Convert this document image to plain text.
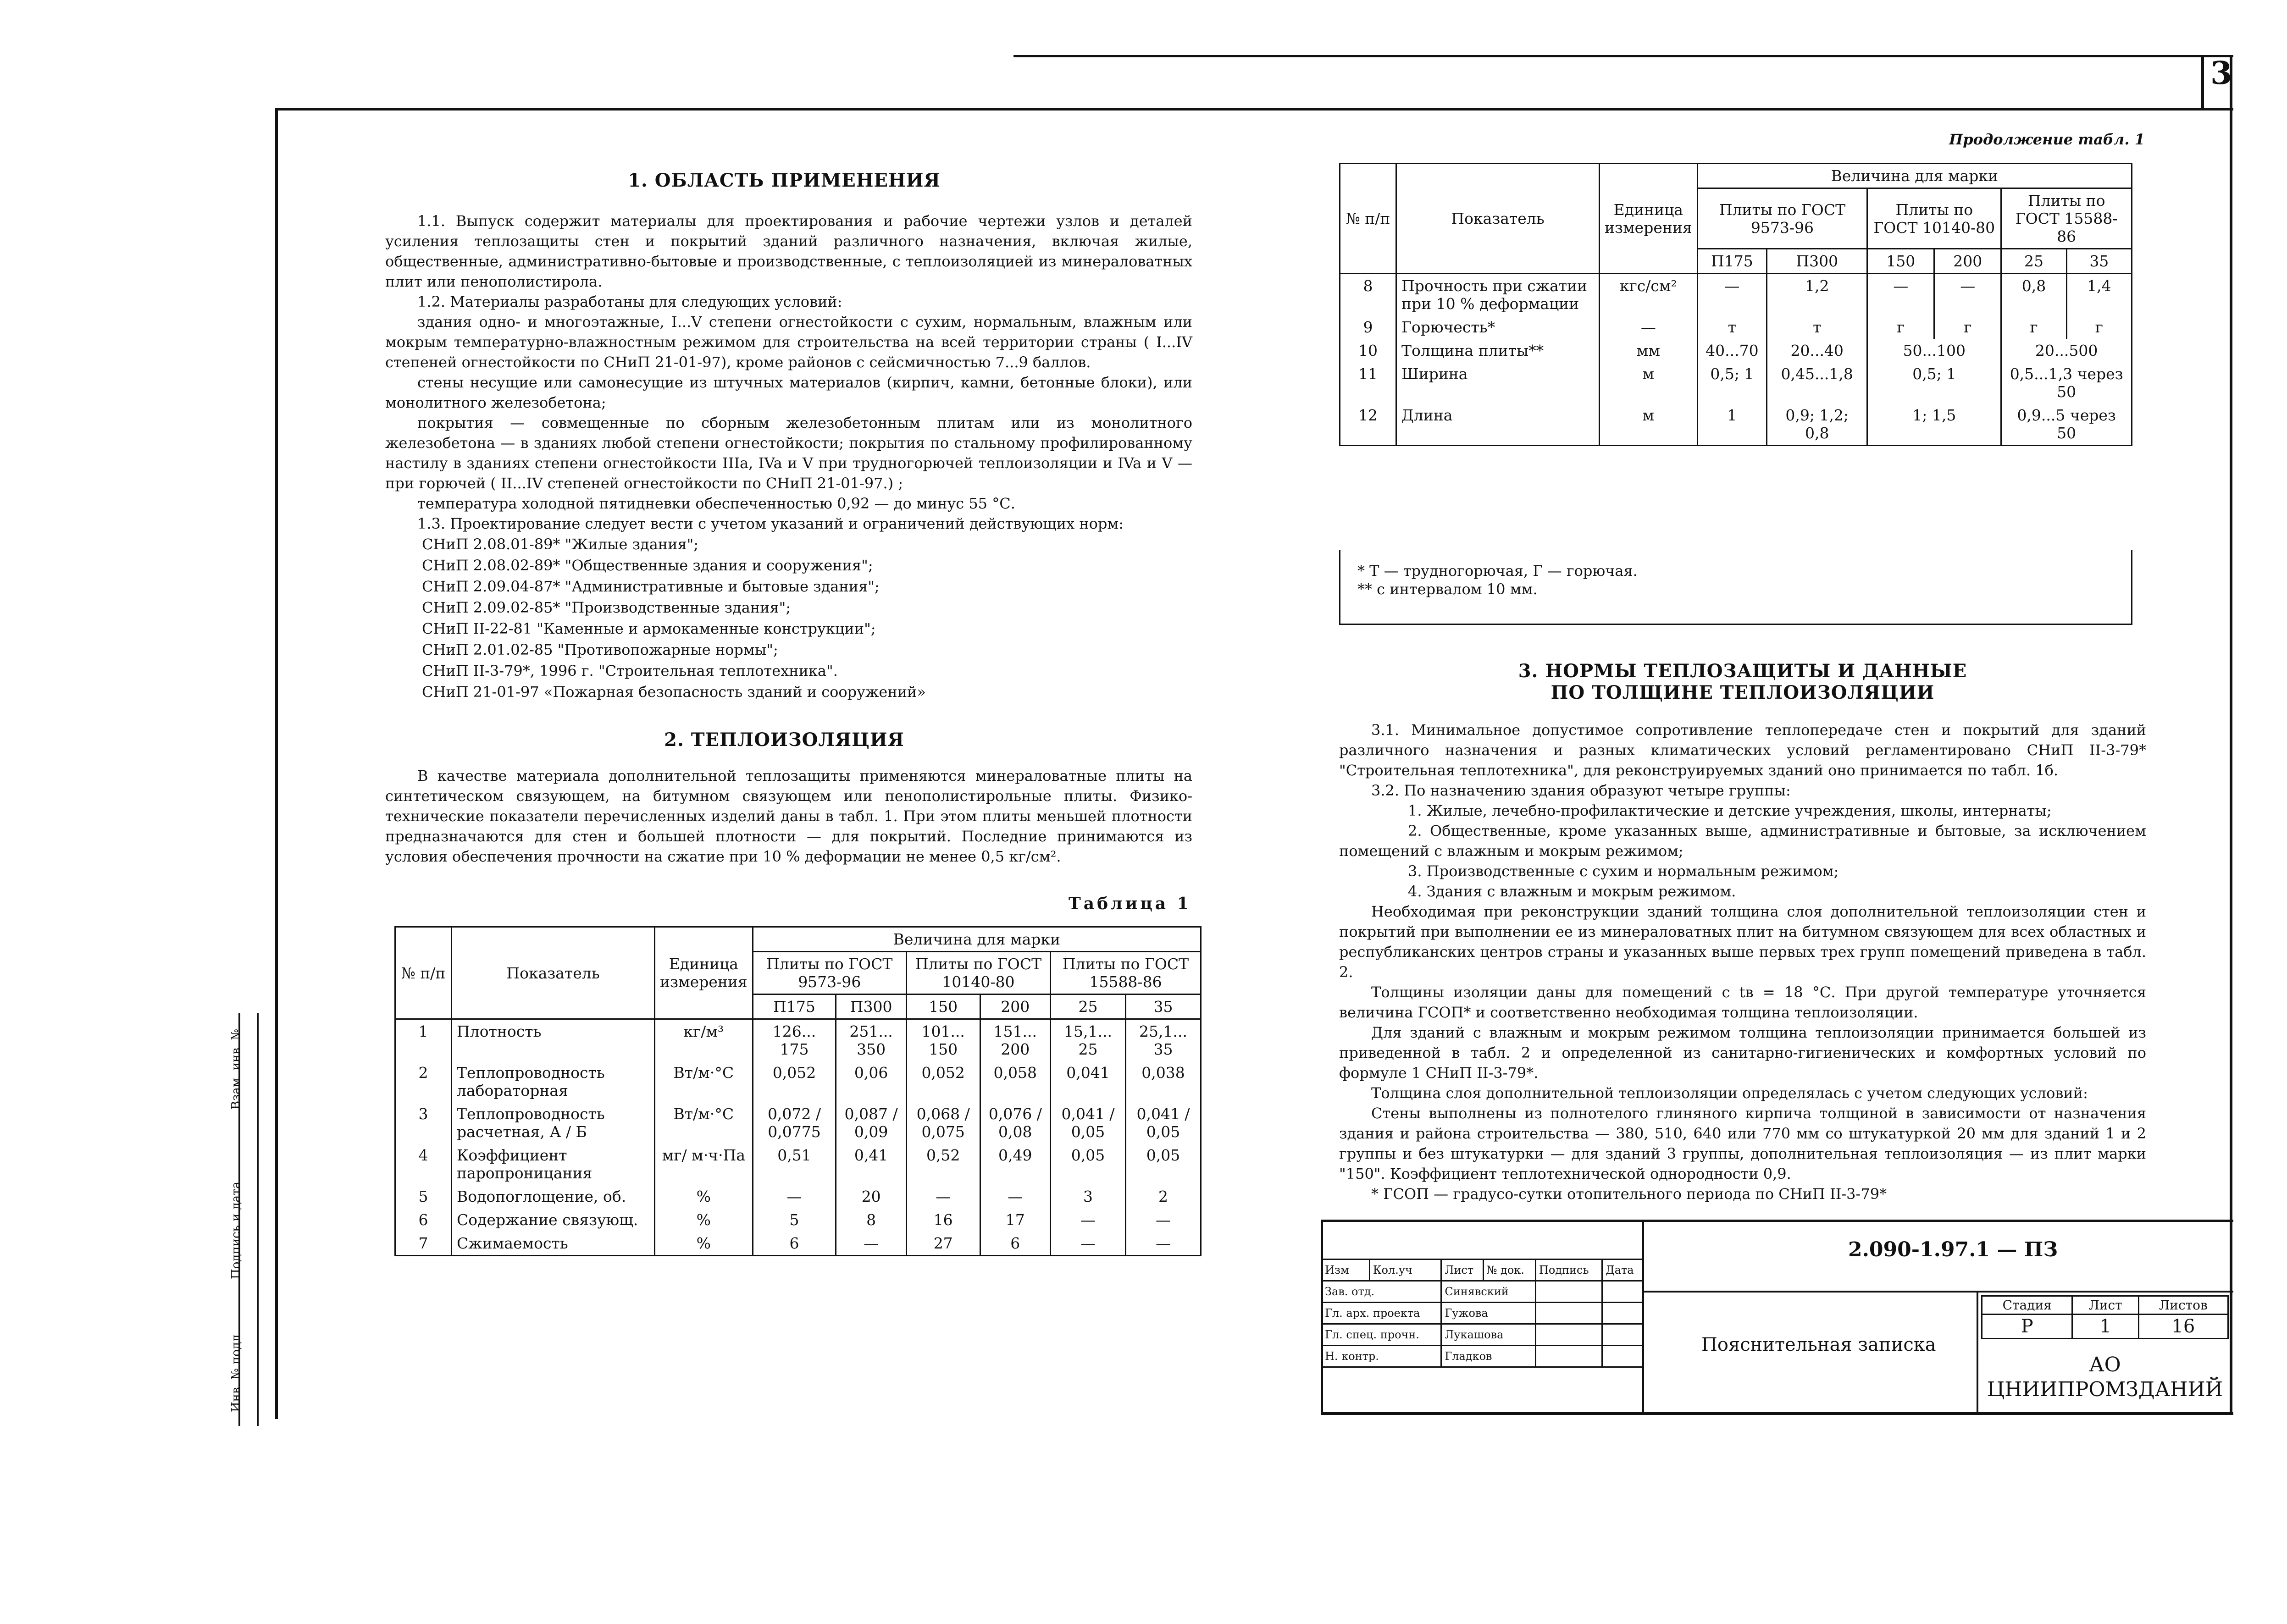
3
Взам. инв. №
Подпись и дата
Инв. № подл.
1. ОБЛАСТЬ ПРИМЕНЕНИЯ

1.1. Выпуск содержит материалы для проектирования и рабочие чертежи узлов и деталей усиления теплозащиты стен и покрытий зданий различного назначения, включая жилые, общественные, административно-бытовые и производственные, с теплоизоляцией из минераловатных плит или пенополистирола.

1.2. Материалы разработаны для следующих условий:

здания одно- и многоэтажные, I...V степени огнестойкости с сухим, нормальным, влажным или мокрым температурно-влажностным режимом для строительства на всей территории страны ( I...IV степеней огнестойкости по СНиП 21-01-97), кроме районов с сейсмичностью 7...9 баллов.

стены несущие или самонесущие из штучных материалов (кирпич, камни, бетонные блоки), или монолитного железобетона;

покрытия — совмещенные по сборным железобетонным плитам или из монолитного железобетона — в зданиях любой степени огнестойкости; покрытия по стальному профилированному настилу в зданиях степени огнестойкости IIIa, IVa и V при трудногорючей теплоизоляции и IVa и V — при горючей ( II...IV степеней огнестойкости по СНиП 21-01-97.) ;

температура холодной пятидневки обеспеченностью 0,92 — до минус 55 °С.

1.3. Проектирование следует вести с учетом указаний и ограничений действующих норм:

СНиП 2.08.01-89* "Жилые здания";
СНиП 2.08.02-89* "Общественные здания и сооружения";
СНиП 2.09.04-87* "Административные и бытовые здания";
СНиП 2.09.02-85* "Производственные здания";
СНиП II-22-81 "Каменные и армокаменные конструкции";
СНиП 2.01.02-85 "Противопожарные нормы";
СНиП II-3-79*, 1996 г. "Строительная теплотехника".
СНиП 21-01-97 «Пожарная безопасность зданий и сооружений»
2. ТЕПЛОИЗОЛЯЦИЯ

В качестве материала дополнительной теплозащиты применяются минераловатные плиты на синтетическом связующем, на битумном связующем или пенополистирольные плиты. Физико-технические показатели перечисленных изделий даны в табл. 1. При этом плиты меньшей плотности предназначаются для стен и большей плотности — для покрытий. Последние принимаются из условия обеспечения прочности на сжатие при 10 % деформации не менее 0,5 кг/см².

Таблица 1
№ п/п	Показатель	Единица измерения	Величина для марки					
			Плиты по ГОСТ 9573-96		Плиты по ГОСТ 10140-80		Плиты по ГОСТ 15588-86	
			П175	П300	150	200	25	35
1	Плотность	кг/м³	126... 175	251... 350	101... 150	151... 200	15,1... 25	25,1... 35
2	Теплопроводность лабораторная	Вт/м·°С	0,052	0,06	0,052	0,058	0,041	0,038
3	Теплопроводность расчетная, А / Б	Вт/м·°С	0,072 / 0,0775	0,087 / 0,09	0,068 / 0,075	0,076 / 0,08	0,041 / 0,05	0,041 / 0,05
4	Коэффициент паропроницания	мг/ м·ч·Па	0,51	0,41	0,52	0,49	0,05	0,05
5	Водопоглощение, об.	%	—	20	—	—	3	2
6	Содержание связующ.	%	5	8	16	17	—	—
7	Сжимаемость	%	6	—	27	6	—	—
Продолжение табл. 1
№ п/п	Показатель	Единица измерения	Величина для марки					
			Плиты по ГОСТ 9573-96		Плиты по ГОСТ 10140-80		Плиты по ГОСТ 15588-86	
			П175	П300	150	200	25	35
8	Прочность при сжатии при 10 % деформации	кгс/см²	—	1,2	—	—	0,8	1,4
9	Горючесть*	—	т	т	г	г	г	г
10	Толщина плиты**	мм	40...70	20...40	50...100		20...500	
11	Ширина	м	0,5; 1	0,45...1,8	0,5; 1		0,5...1,3 через 50	
12	Длина	м	1	0,9; 1,2; 0,8	1; 1,5		0,9...5 через 50	
* Т — трудногорючая, Г — горючая.
** с интервалом 10 мм.
3. НОРМЫ ТЕПЛОЗАЩИТЫ И ДАННЫЕ
ПО ТОЛЩИНЕ ТЕПЛОИЗОЛЯЦИИ

3.1. Минимальное допустимое сопротивление теплопередаче стен и покрытий для зданий различного назначения и разных климатических условий регламентировано СНиП II-3-79* "Строительная теплотехника", для реконструируемых зданий оно принимается по табл. 1б.

3.2. По назначению здания образуют четыре группы:

1. Жилые, лечебно-профилактические и детские учреждения, школы, интернаты;

2. Общественные, кроме указанных выше, административные и бытовые, за исключением помещений с влажным и мокрым режимом;

3. Производственные с сухим и нормальным режимом;

4. Здания с влажным и мокрым режимом.

Необходимая при реконструкции зданий толщина слоя дополнительной теплоизоляции стен и покрытий при выполнении ее из минераловатных плит на битумном связующем для всех областных и республиканских центров страны и указанных выше первых трех групп помещений приведена в табл. 2.

Толщины изоляции даны для помещений с tв = 18 °С. При другой температуре уточняется величина ГСОП* и соответственно необходимая толщина теплоизоляции.

Для зданий с влажным и мокрым режимом толщина теплоизоляции принимается большей из приведенной в табл. 2 и определенной из санитарно-гигиенических и комфортных условий по формуле 1 СНиП II-3-79*.

Толщина слоя дополнительной теплоизоляции определялась с учетом следующих условий:

Стены выполнены из полнотелого глиняного кирпича толщиной в зависимости от назначения здания и района строительства — 380, 510, 640 или 770 мм со штукатуркой 20 мм для зданий 1 и 2 группы и без штукатурки — для зданий 3 группы, дополнительная теплоизоляция — из плит марки "150". Коэффициент теплотехнической однородности 0,9.

* ГСОП — градусо-сутки отопительного периода по СНиП II-3-79*

Изм	Кол.уч	Лист	№ док.	Подпись	Дата
Зав. отд.		Синявский			
Гл. арх. проекта		Гужова			
Гл. спец. прочн.		Лукашова			
Н. контр.		Гладков			
2.090-1.97.1 — ПЗ
Пояснительная записка
Стадия	Лист	Листов
Р	1	16
АО
ЦНИИПРОМЗДАНИЙ
